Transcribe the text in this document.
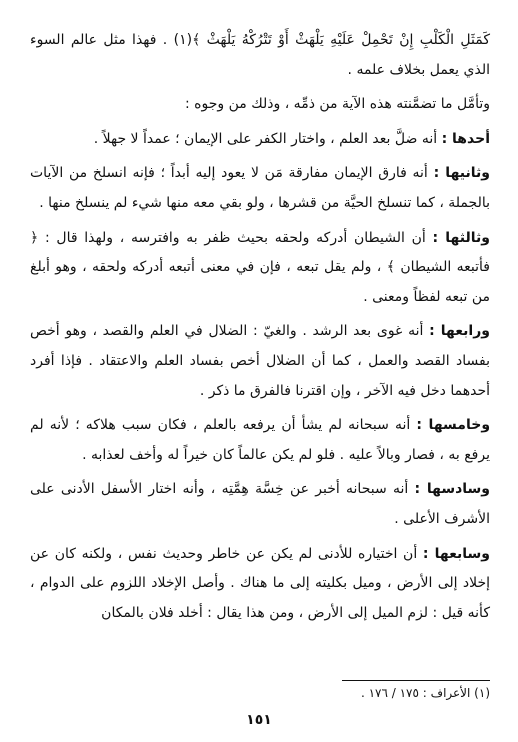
كَمَثَلِ الْكَلْبِ إِنْ تَحْمِلْ عَلَيْهِ يَلْهَثْ أَوْ تَتْرُكْهُ يَلْهَثْ ﴾(١) . فهذا مثل عالم السوء الذي يعمل بخلاف علمه .

وتأمَّل ما تضمَّنته هذه الآية من ذمِّه ، وذلك من وجوه :

أحدها : أنه ضلَّ بعد العلم ، واختار الكفر على الإيمان ؛ عمداً لا جهلاً .

وثانيها : أنه فارق الإيمان مفارقة مَن لا يعود إليه أبداً ؛ فإنه انسلخ من الآيات بالجملة ، كما تنسلخ الحيَّة من قشرها ، ولو بقي معه منها شيء لم ينسلخ منها .

وثالثها : أن الشيطان أدركه ولحقه بحيث ظفر به وافترسه ، ولهذا قال : ﴿ فأتبعه الشيطان ﴾ ، ولم يقل تبعه ، فإن في معنى أتبعه أدركه ولحقه ، وهو أبلغ من تبعه لفظاً ومعنى .

ورابعها : أنه غوى بعد الرشد . والغيّ : الضلال في العلم والقصد ، وهو أخص بفساد القصد والعمل ، كما أن الضلال أخص بفساد العلم والاعتقاد . فإذا أفرد أحدهما دخل فيه الآخر ، وإن اقترنا فالفرق ما ذكر .

وخامسها : أنه سبحانه لم يشأ أن يرفعه بالعلم ، فكان سبب هلاكه ؛ لأنه لم يرفع به ، فصار وبالاً عليه . فلو لم يكن عالماً كان خيراً له وأخف لعذابه .

وسادسها : أنه سبحانه أخبر عن خِسَّة هِمَّتِه ، وأنه اختار الأسفل الأدنى على الأشرف الأعلى .

وسابعها : أن اختياره للأدنى لم يكن عن خاطر وحديث نفس ، ولكنه كان عن إخلاد إلى الأرض ، وميل بكليته إلى ما هناك . وأصل الإخلاد اللزوم على الدوام ، كأنه قيل : لزم الميل إلى الأرض ، ومن هذا يقال : أخلد فلان بالمكان

(١) الأعراف : ١٧٥ / ١٧٦ .
١٥١
